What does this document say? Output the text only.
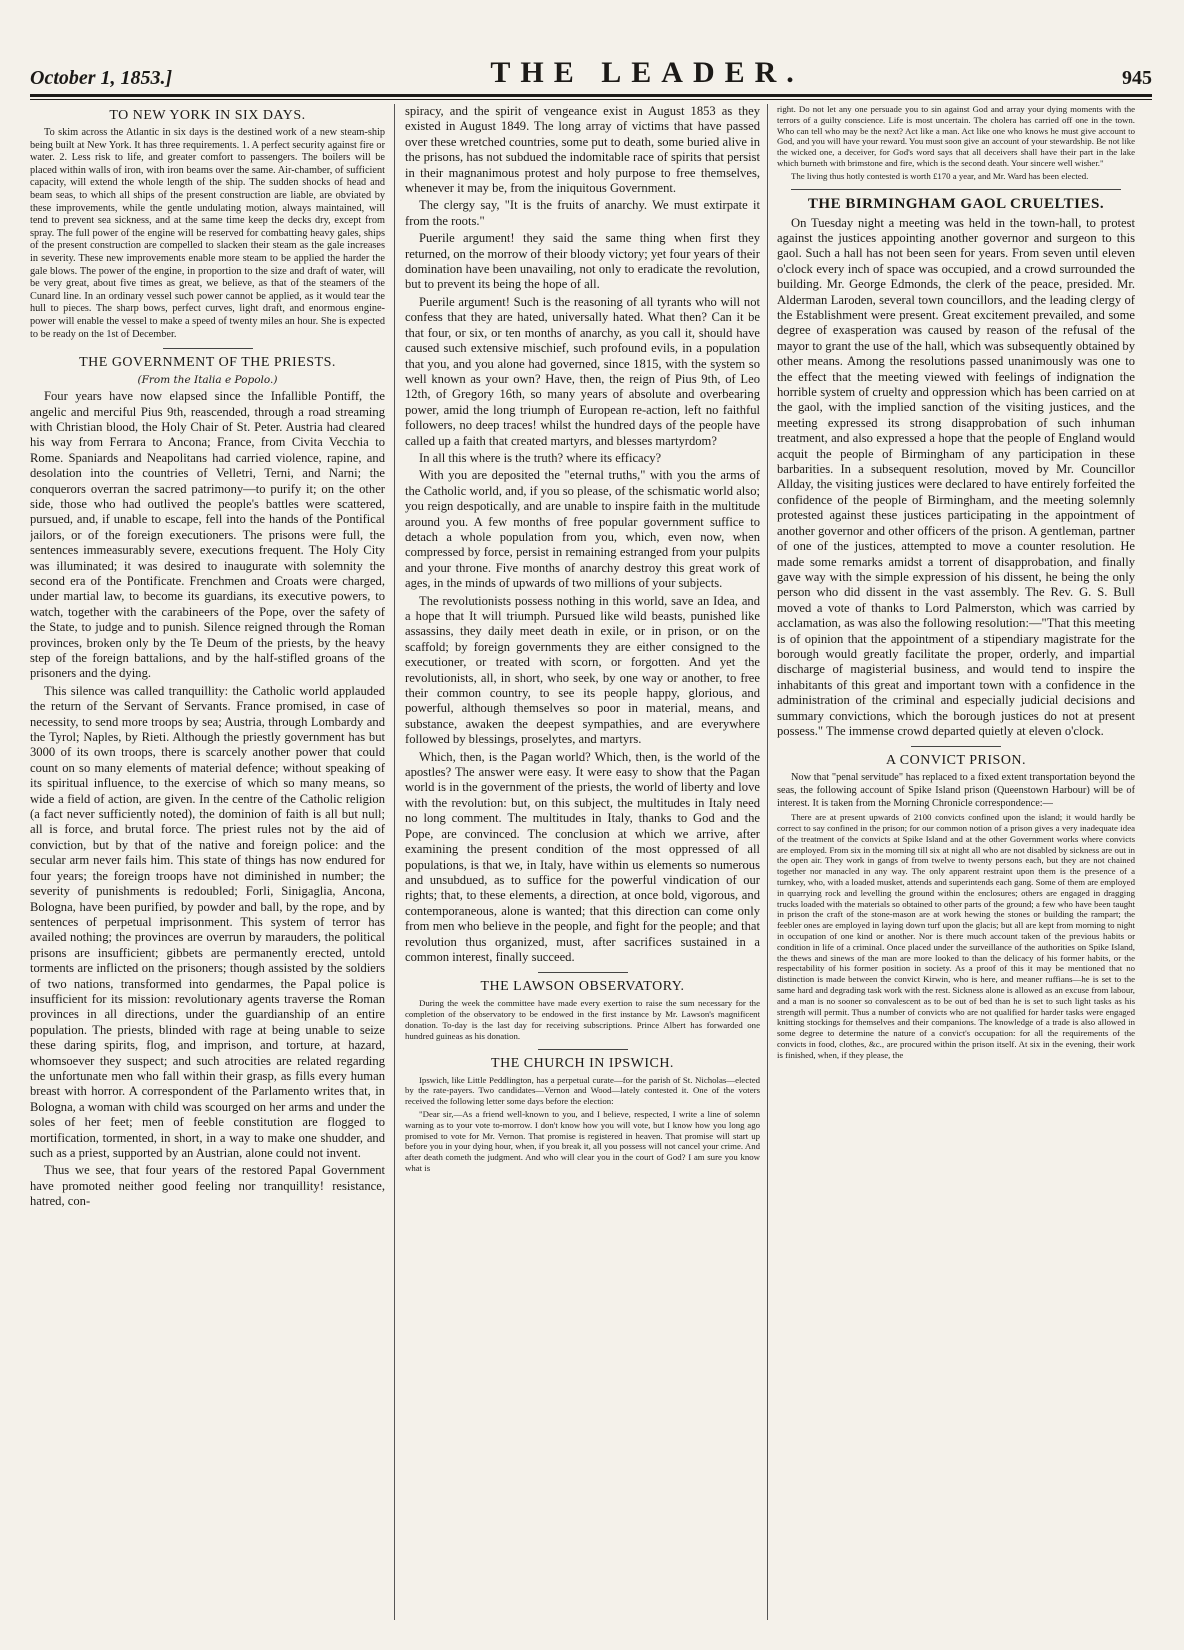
October 1, 1853.]	THE LEADER.	945
TO NEW YORK IN SIX DAYS.

To skim across the Atlantic in six days is the destined work of a new steam-ship being built at New York. It has three requirements. 1. A perfect security against fire or water. 2. Less risk to life, and greater comfort to passengers. The boilers will be placed within walls of iron, with iron beams over the same. Air-chamber, of sufficient capacity, will extend the whole length of the ship. The sudden shocks of head and beam seas, to which all ships of the present construction are liable, are obviated by these improvements, while the gentle undulating motion, always maintained, will tend to prevent sea sickness, and at the same time keep the decks dry, except from spray. The full power of the engine will be reserved for combatting heavy gales, ships of the present construction are compelled to slacken their steam as the gale increases in severity. These new improvements enable more steam to be applied the harder the gale blows. The power of the engine, in proportion to the size and draft of water, will be very great, about five times as great, we believe, as that of the steamers of the Cunard line. In an ordinary vessel such power cannot be applied, as it would tear the hull to pieces. The sharp bows, perfect curves, light draft, and enormous engine-power will enable the vessel to make a speed of twenty miles an hour. She is expected to be ready on the 1st of December.

THE GOVERNMENT OF THE PRIESTS.
(From the Italia e Popolo.)

Four years have now elapsed since the Infallible Pontiff, the angelic and merciful Pius 9th, reascended, through a road streaming with Christian blood, the Holy Chair of St. Peter. Austria had cleared his way from Ferrara to Ancona; France, from Civita Vecchia to Rome. Spaniards and Neapolitans had carried violence, rapine, and desolation into the countries of Velletri, Terni, and Narni; the conquerors overran the sacred patrimony—to purify it; on the other side, those who had outlived the people's battles were scattered, pursued, and, if unable to escape, fell into the hands of the Pontifical jailors, or of the foreign executioners. The prisons were full, the sentences immeasurably severe, executions frequent. The Holy City was illuminated; it was desired to inaugurate with solemnity the second era of the Pontificate. Frenchmen and Croats were charged, under martial law, to become its guardians, its executive powers, to watch, together with the carabineers of the Pope, over the safety of the State, to judge and to punish. Silence reigned through the Roman provinces, broken only by the Te Deum of the priests, by the heavy step of the foreign battalions, and by the half-stifled groans of the prisoners and the dying.

This silence was called tranquillity: the Catholic world applauded the return of the Servant of Servants. France promised, in case of necessity, to send more troops by sea; Austria, through Lombardy and the Tyrol; Naples, by Rieti. Although the priestly government has but 3000 of its own troops, there is scarcely another power that could count on so many elements of material defence; without speaking of its spiritual influence, to the exercise of which so many means, so wide a field of action, are given. In the centre of the Catholic religion (a fact never sufficiently noted), the dominion of faith is all but null; all is force, and brutal force. The priest rules not by the aid of conviction, but by that of the native and foreign police: and the secular arm never fails him. This state of things has now endured for four years; the foreign troops have not diminished in number; the severity of punishments is redoubled; Forli, Sinigaglia, Ancona, Bologna, have been purified, by powder and ball, by the rope, and by sentences of perpetual imprisonment. This system of terror has availed nothing; the provinces are overrun by marauders, the political prisons are insufficient; gibbets are permanently erected, untold torments are inflicted on the prisoners; though assisted by the soldiers of two nations, transformed into gendarmes, the Papal police is insufficient for its mission: revolutionary agents traverse the Roman provinces in all directions, under the guardianship of an entire population. The priests, blinded with rage at being unable to seize these daring spirits, flog, and imprison, and torture, at hazard, whomsoever they suspect; and such atrocities are related regarding the unfortunate men who fall within their grasp, as fills every human breast with horror. A correspondent of the Parlamento writes that, in Bologna, a woman with child was scourged on her arms and under the soles of her feet; men of feeble constitution are flogged to mortification, tormented, in short, in a way to make one shudder, and such as a priest, supported by an Austrian, alone could not invent.

Thus we see, that four years of the restored Papal Government have promoted neither good feeling nor tranquillity! resistance, hatred, con-

spiracy, and the spirit of vengeance exist in August 1853 as they existed in August 1849. The long array of victims that have passed over these wretched countries, some put to death, some buried alive in the prisons, has not subdued the indomitable race of spirits that persist in their magnanimous protest and holy purpose to free themselves, whenever it may be, from the iniquitous Government.

The clergy say, "It is the fruits of anarchy. We must extirpate it from the roots."

Puerile argument! they said the same thing when first they returned, on the morrow of their bloody victory; yet four years of their domination have been unavailing, not only to eradicate the revolution, but to prevent its being the hope of all.

Puerile argument! Such is the reasoning of all tyrants who will not confess that they are hated, universally hated. What then? Can it be that four, or six, or ten months of anarchy, as you call it, should have caused such extensive mischief, such profound evils, in a population that you, and you alone had governed, since 1815, with the system so well known as your own? Have, then, the reign of Pius 9th, of Leo 12th, of Gregory 16th, so many years of absolute and overbearing power, amid the long triumph of European re-action, left no faithful followers, no deep traces! whilst the hundred days of the people have called up a faith that created martyrs, and blesses martyrdom?

In all this where is the truth? where its efficacy?

With you are deposited the "eternal truths," with you the arms of the Catholic world, and, if you so please, of the schismatic world also; you reign despotically, and are unable to inspire faith in the multitude around you. A few months of free popular government suffice to detach a whole population from you, which, even now, when compressed by force, persist in remaining estranged from your pulpits and your throne. Five months of anarchy destroy this great work of ages, in the minds of upwards of two millions of your subjects.

The revolutionists possess nothing in this world, save an Idea, and a hope that It will triumph. Pursued like wild beasts, punished like assassins, they daily meet death in exile, or in prison, or on the scaffold; by foreign governments they are either consigned to the executioner, or treated with scorn, or forgotten. And yet the revolutionists, all, in short, who seek, by one way or another, to free their common country, to see its people happy, glorious, and powerful, although themselves so poor in material, means, and substance, awaken the deepest sympathies, and are everywhere followed by blessings, proselytes, and martyrs.

Which, then, is the Pagan world? Which, then, is the world of the apostles? The answer were easy. It were easy to show that the Pagan world is in the government of the priests, the world of liberty and love with the revolution: but, on this subject, the multitudes in Italy need no long comment. The multitudes in Italy, thanks to God and the Pope, are convinced. The conclusion at which we arrive, after examining the present condition of the most oppressed of all populations, is that we, in Italy, have within us elements so numerous and unsubdued, as to suffice for the powerful vindication of our rights; that, to these elements, a direction, at once bold, vigorous, and contemporaneous, alone is wanted; that this direction can come only from men who believe in the people, and fight for the people; and that revolution thus organized, must, after sacrifices sustained in a common interest, finally succeed.

THE LAWSON OBSERVATORY.

During the week the committee have made every exertion to raise the sum necessary for the completion of the observatory to be endowed in the first instance by Mr. Lawson's magnificent donation. To-day is the last day for receiving subscriptions. Prince Albert has forwarded one hundred guineas as his donation.

THE CHURCH IN IPSWICH.

Ipswich, like Little Peddlington, has a perpetual curate—for the parish of St. Nicholas—elected by the rate-payers. Two candidates—Vernon and Wood—lately contested it. One of the voters received the following letter some days before the election:

"Dear sir,—As a friend well-known to you, and I believe, respected, I write a line of solemn warning as to your vote to-morrow. I don't know how you will vote, but I know how you long ago promised to vote for Mr. Vernon. That promise is registered in heaven. That promise will start up before you in your dying hour, when, if you break it, all you possess will not cancel your crime. And after death cometh the judgment. And who will clear you in the court of God? I am sure you know what is

right. Do not let any one persuade you to sin against God and array your dying moments with the terrors of a guilty conscience. Life is most uncertain. The cholera has carried off one in the town. Who can tell who may be the next? Act like a man. Act like one who knows he must give account to God, and you will have your reward. You must soon give an account of your stewardship. Be not like the wicked one, a deceiver, for God's word says that all deceivers shall have their part in the lake which burneth with brimstone and fire, which is the second death. Your sincere well wisher."

The living thus hotly contested is worth £170 a year, and Mr. Ward has been elected.

THE BIRMINGHAM GAOL CRUELTIES.

On Tuesday night a meeting was held in the town-hall, to protest against the justices appointing another governor and surgeon to this gaol. Such a hall has not been seen for years. From seven until eleven o'clock every inch of space was occupied, and a crowd surrounded the building. Mr. George Edmonds, the clerk of the peace, presided. Mr. Alderman Laroden, several town councillors, and the leading clergy of the Establishment were present. Great excitement prevailed, and some degree of exasperation was caused by reason of the refusal of the mayor to grant the use of the hall, which was subsequently obtained by other means. Among the resolutions passed unanimously was one to the effect that the meeting viewed with feelings of indignation the horrible system of cruelty and oppression which has been carried on at the gaol, with the implied sanction of the visiting justices, and the meeting expressed its strong disapprobation of such inhuman treatment, and also expressed a hope that the people of England would acquit the people of Birmingham of any participation in these barbarities. In a subsequent resolution, moved by Mr. Councillor Allday, the visiting justices were declared to have entirely forfeited the confidence of the people of Birmingham, and the meeting solemnly protested against these justices participating in the appointment of another governor and other officers of the prison. A gentleman, partner of one of the justices, attempted to move a counter resolution. He made some remarks amidst a torrent of disapprobation, and finally gave way with the simple expression of his dissent, he being the only person who did dissent in the vast assembly. The Rev. G. S. Bull moved a vote of thanks to Lord Palmerston, which was carried by acclamation, as was also the following resolution:—"That this meeting is of opinion that the appointment of a stipendiary magistrate for the borough would greatly facilitate the proper, orderly, and impartial discharge of magisterial business, and would tend to inspire the inhabitants of this great and important town with a confidence in the administration of the criminal and especially judicial decisions and summary convictions, which the borough justices do not at present possess." The immense crowd departed quietly at eleven o'clock.

A CONVICT PRISON.

Now that "penal servitude" has replaced to a fixed extent transportation beyond the seas, the following account of Spike Island prison (Queenstown Harbour) will be of interest. It is taken from the Morning Chronicle correspondence:—

There are at present upwards of 2100 convicts confined upon the island; it would hardly be correct to say confined in the prison; for our common notion of a prison gives a very inadequate idea of the treatment of the convicts at Spike Island and at the other Government works where convicts are employed. From six in the morning till six at night all who are not disabled by sickness are out in the open air. They work in gangs of from twelve to twenty persons each, but they are not chained together nor manacled in any way. The only apparent restraint upon them is the presence of a turnkey, who, with a loaded musket, attends and superintends each gang. Some of them are employed in quarrying rock and levelling the ground within the enclosures; others are engaged in dragging trucks loaded with the materials so obtained to other parts of the ground; a few who have been taught in prison the craft of the stone-mason are at work hewing the stones or building the rampart; the feebler ones are employed in laying down turf upon the glacis; but all are kept from morning to night in occupation of one kind or another. Nor is there much account taken of the previous habits or condition in life of a criminal. Once placed under the surveillance of the authorities on Spike Island, the thews and sinews of the man are more looked to than the delicacy of his former habits, or the respectability of his former position in society. As a proof of this it may be mentioned that no distinction is made between the convict Kirwin, who is here, and meaner ruffians—he is set to the same hard and degrading task work with the rest. Sickness alone is allowed as an excuse from labour, and a man is no sooner so convalescent as to be out of bed than he is set to such light tasks as his strength will permit. Thus a number of convicts who are not qualified for harder tasks were engaged knitting stockings for themselves and their companions. The knowledge of a trade is also allowed in some degree to determine the nature of a convict's occupation: for all the requirements of the convicts in food, clothes, &c., are procured within the prison itself. At six in the evening, their work is finished, when, if they please, the
